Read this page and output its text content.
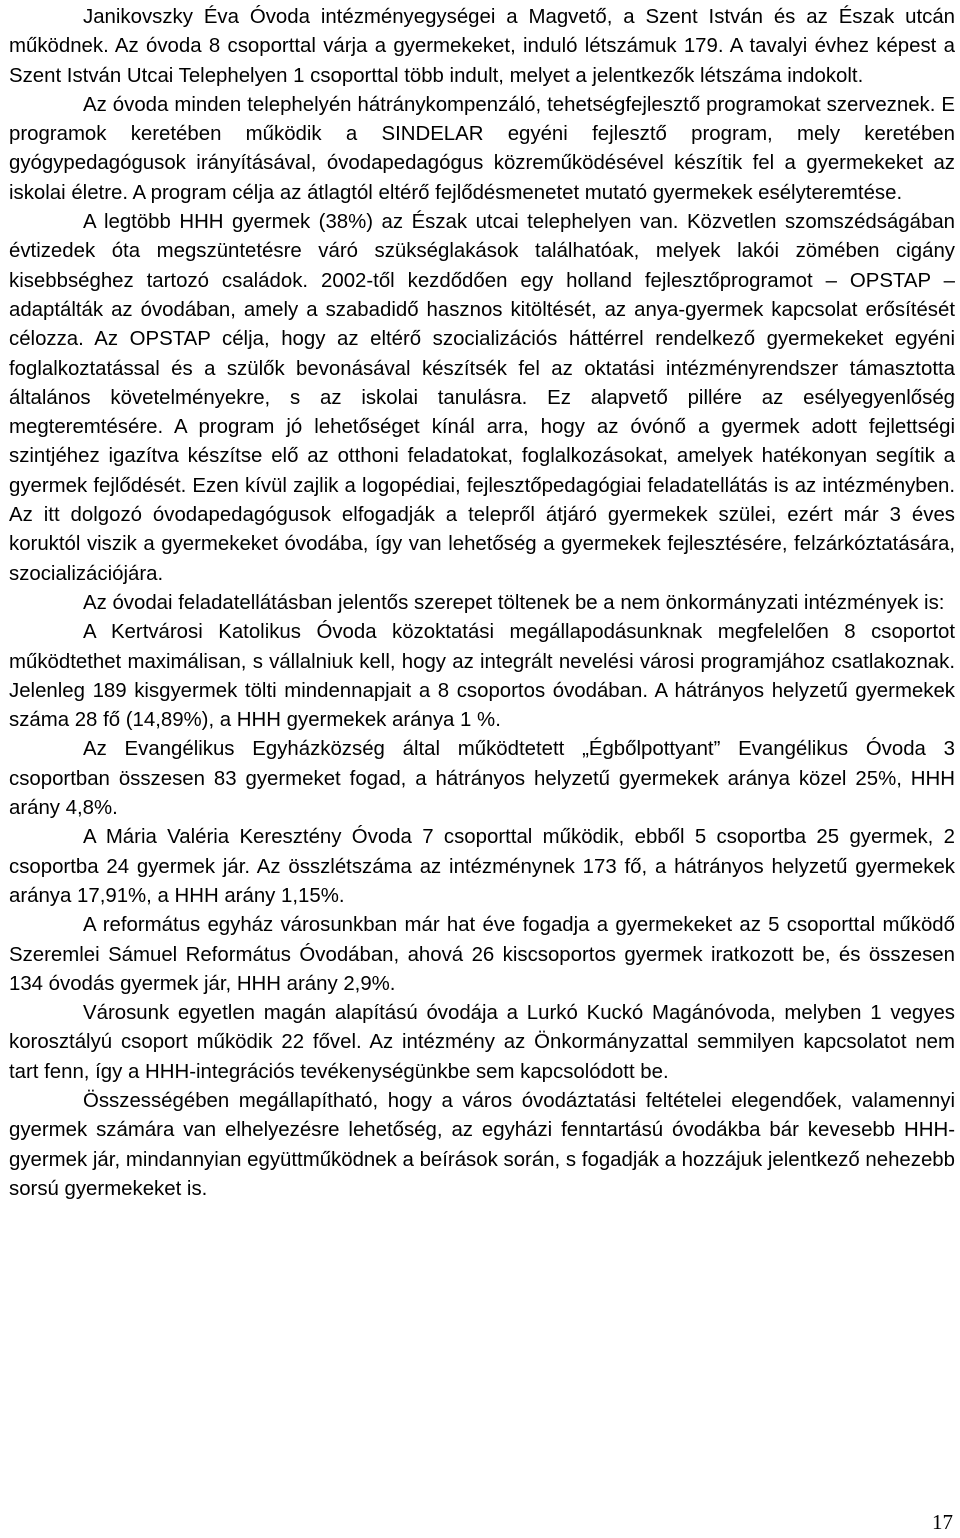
Janikovszky Éva Óvoda intézményegységei a Magvető, a Szent István és az Észak utcán működnek. Az óvoda 8 csoporttal várja a gyermekeket, induló létszámuk 179. A tavalyi évhez képest a Szent István Utcai Telephelyen 1 csoporttal több indult, melyet a jelentkezők létszáma indokolt.

Az óvoda minden telephelyén hátránykompenzáló, tehetségfejlesztő programokat szerveznek. E programok keretében működik a SINDELAR egyéni fejlesztő program, mely keretében gyógypedagógusok irányításával, óvodapedagógus közreműködésével készítik fel a gyermekeket az iskolai életre. A program célja az átlagtól eltérő fejlődésmenetet mutató gyermekek esélyteremtése.

A legtöbb HHH gyermek (38%) az Észak utcai telephelyen van. Közvetlen szomszédságában évtizedek óta megszüntetésre váró szükséglakások találhatóak, melyek lakói zömében cigány kisebbséghez tartozó családok. 2002-től kezdődően egy holland fejlesztőprogramot – OPSTAP – adaptálták az óvodában, amely a szabadidő hasznos kitöltését, az anya-gyermek kapcsolat erősítését célozza. Az OPSTAP célja, hogy az eltérő szocializációs háttérrel rendelkező gyermekeket egyéni foglalkoztatással és a szülők bevonásával készítsék fel az oktatási intézményrendszer támasztotta általános követelményekre, s az iskolai tanulásra. Ez alapvető pillére az esélyegyenlőség megteremtésére. A program jó lehetőséget kínál arra, hogy az óvónő a gyermek adott fejlettségi szintjéhez igazítva készítse elő az otthoni feladatokat, foglalkozásokat, amelyek hatékonyan segítik a gyermek fejlődését. Ezen kívül zajlik a logopédiai, fejlesztőpedagógiai feladatellátás is az intézményben. Az itt dolgozó óvodapedagógusok elfogadják a telepről átjáró gyermekek szülei, ezért már 3 éves koruktól viszik a gyermekeket óvodába, így van lehetőség a gyermekek fejlesztésére, felzárkóztatására, szocializációjára.

Az óvodai feladatellátásban jelentős szerepet töltenek be a nem önkormányzati intézmények is:

A Kertvárosi Katolikus Óvoda közoktatási megállapodásunknak megfelelően 8 csoportot működtethet maximálisan, s vállalniuk kell, hogy az integrált nevelési városi programjához csatlakoznak. Jelenleg 189 kisgyermek tölti mindennapjait a 8 csoportos óvodában. A hátrányos helyzetű gyermekek száma 28 fő (14,89%), a HHH gyermekek aránya 1 %.

Az Evangélikus Egyházközség által működtetett „Égbőlpottyant” Evangélikus Óvoda 3 csoportban összesen 83 gyermeket fogad, a hátrányos helyzetű gyermekek aránya közel 25%, HHH arány 4,8%.

A Mária Valéria Keresztény Óvoda 7 csoporttal működik, ebből 5 csoportba 25 gyermek, 2 csoportba 24 gyermek jár. Az összlétszáma az intézménynek 173 fő, a hátrányos helyzetű gyermekek aránya 17,91%, a HHH arány 1,15%.

A református egyház városunkban már hat éve fogadja a gyermekeket az 5 csoporttal működő Szeremlei Sámuel Református Óvodában, ahová 26 kiscsoportos gyermek iratkozott be, és összesen 134 óvodás gyermek jár, HHH arány 2,9%.

Városunk egyetlen magán alapítású óvodája a Lurkó Kuckó Magánóvoda, melyben 1 vegyes korosztályú csoport működik 22 fővel. Az intézmény az Önkormányzattal semmilyen kapcsolatot nem tart fenn, így a HHH-integrációs tevékenységünkbe sem kapcsolódott be.

Összességében megállapítható, hogy a város óvodáztatási feltételei elegendőek, valamennyi gyermek számára van elhelyezésre lehetőség, az egyházi fenntartású óvodákba bár kevesebb HHH-gyermek jár, mindannyian együttműködnek a beírások során, s fogadják a hozzájuk jelentkező nehezebb sorsú gyermekeket is.

17
